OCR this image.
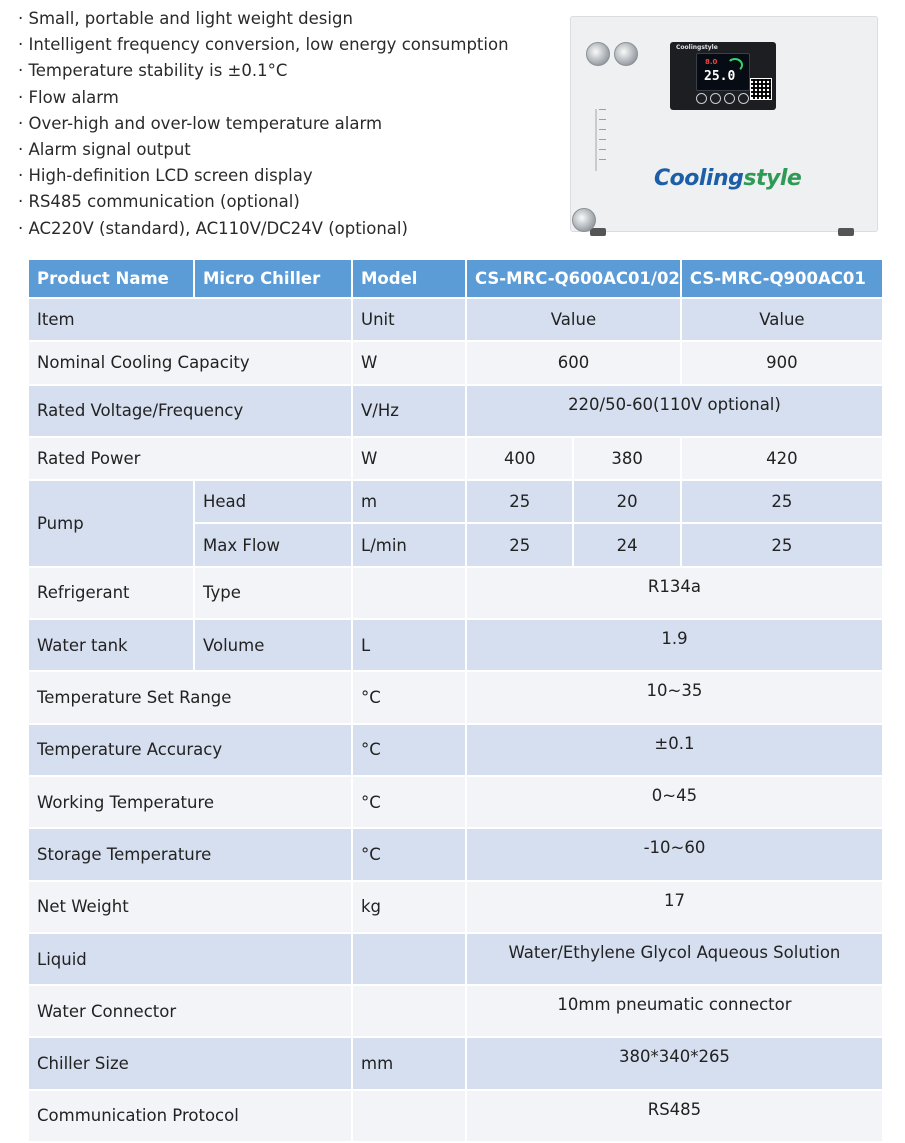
· Small, portable and light weight design
· Intelligent frequency conversion, low energy consumption
· Temperature stability is ±0.1°C
· Flow alarm
· Over-high and over-low temperature alarm
· Alarm signal output
· High-definition LCD screen display
· RS485 communication (optional)
· AC220V (standard), AC110V/DC24V (optional)
Coolingstyle
8.0
25.0
Coolingstyle
Product Name	Micro Chiller	Model	CS-MRC-Q600AC01/02		CS-MRC-Q900AC01
Item		Unit	Value		Value
Nominal Cooling Capacity		W	600		900
Rated Voltage/Frequency		V/Hz	220/50-60(110V optional)		
Rated Power		W	400	380	420
Pump	Head	m	25	20	25
	Max Flow	L/min	25	24	25
Refrigerant	Type		R134a		
Water tank	Volume	L	1.9		
Temperature Set Range		°C	10~35		
Temperature Accuracy		°C	±0.1		
Working Temperature		°C	0~45		
Storage Temperature		°C	-10~60		
Net Weight		kg	17		
Liquid			Water/Ethylene Glycol Aqueous Solution		
Water Connector			10mm pneumatic connector		
Chiller Size		mm	380*340*265		
Communication Protocol			RS485		
